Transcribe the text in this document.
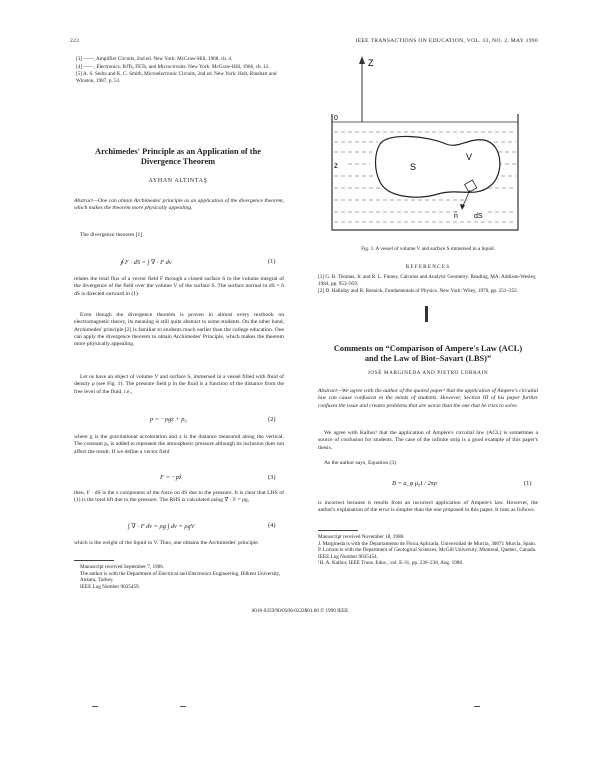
222	IEEE TRANSACTIONS ON EDUCATION, VOL. 33, NO. 2, MAY 1990
[3] ——, Amplifier Circuits, 2nd ed. New York: McGraw-Hill, 1968, ch. 4.
[4] ——, Electronics: BJTs, FETs, and Microcircuits. New York: McGraw-Hill, 1966, ch. 12.
[5] A. S. Sedra and K. C. Smith, Microelectronic Circuits, 2nd ed. New York: Holt, Rinehart and Winston, 1987, p. 51.
Archimedes' Principle as an Application of the
Divergence Theorem
AYHAN ALTINTAŞ
Abstract—One can obtain Archimedes' principle as an application of the divergence theorem, which makes the theorem more physically appealing.
The divergence theorem [1]
∮ F · dS = ∫ ∇ · F dv	(1)
relates the total flux of a vector field F through a closed surface S to the volume integral of the divergence of the field over the volume V of the surface S. The surface normal in dS = n̂ dS is directed outward in (1).
Even though the divergence theorem is proven in almost every textbook on electromagnetic theory, its meaning is still quite abstract to some students. On the other hand, Archimedes' principle [2] is familiar to students much earlier than the college education. One can apply the divergence theorem to obtain Archimedes' Principle, which makes the theorem more physically appealing.
Let us have an object of volume V and surface S, immersed in a vessel filled with fluid of density ρ (see Fig. 1). The pressure field p in the fluid is a function of the distance from the free level of the fluid, i.e.,
p = −ρgz + p₀	(2)
where g is the gravitational acceleration and z is the distance measured along the vertical. The constant p₀ is added to represent the atmospheric pressure although its inclusion does not affect the result. If we define a vector field
F = −pẑ	(3)
then, F · dS is the z component of the force on dS due to the pressure. It is clear that LHS of (1) is the total lift due to the pressure. The RHS is calculated using ∇ · F = ρg,
∫ ∇ · F dv = ρg ∫ dv = ρgV	(4)
which is the weight of the liquid in V. Thus, one obtains the Archimedes' principle.
Manuscript received September 7, 1986.
The author is with the Department of Electrical and Electronics Engineering, Bilkent University, Ankara, Turkey.
IEEE Log Number 9035459.
Z
0
z	S
V
n̂ dS
Fig. 1. A vessel of volume V and surface S immersed in a liquid.
REFERENCES
[1] G. B. Thomas, Jr. and R. L. Finney, Calculus and Analytic Geometry. Reading, MA: Addison-Wesley, 1984, pp. 953–959.
[2] D. Halliday and R. Resnick, Fundamentals of Physics. New York: Wiley, 1970, pp. 251–252.
Comments on “Comparison of Ampere's Law (ACL)
and the Law of Biot–Savart (LBS)”
JOSÉ MARGINEDA AND PIETRO LORRAIN
Abstract—We agree with the author of the quoted paper¹ that the application of Ampere's circuital law can cause confusion in the minds of students. However, Section III of his paper further confuses the issue and creates problems that are worse than the one that he tries to solve.
We agree with Kalhor¹ that the application of Ampère's circuital law (ACL) is sometimes a source of confusion for students. The case of the infinite strip is a good example of this paper's thesis.
As the author says, Equation (3)
B = a_φ μ₀I / 2πρ	(1)
is incorrect because it results from an incorrect application of Ampere's law. However, the author's explanation of the error is simpler than the one proposed in this paper. It runs as follows.
Manuscript received November 18, 1988.
J. Margineda is with the Departamento de Física Aplicada, Universidad de Murcia, 30071 Murcia, Spain.
P. Lorrain is with the Department of Geological Sciences, McGill University, Montreal, Quebec, Canada.
IEEE Log Number 9035454.
¹H. A. Kalhor, IEEE Trans. Educ., vol. E-31, pp. 236–238, Aug. 1988.
0018-9359/90/0500-0222$01.00 © 1990 IEEE
